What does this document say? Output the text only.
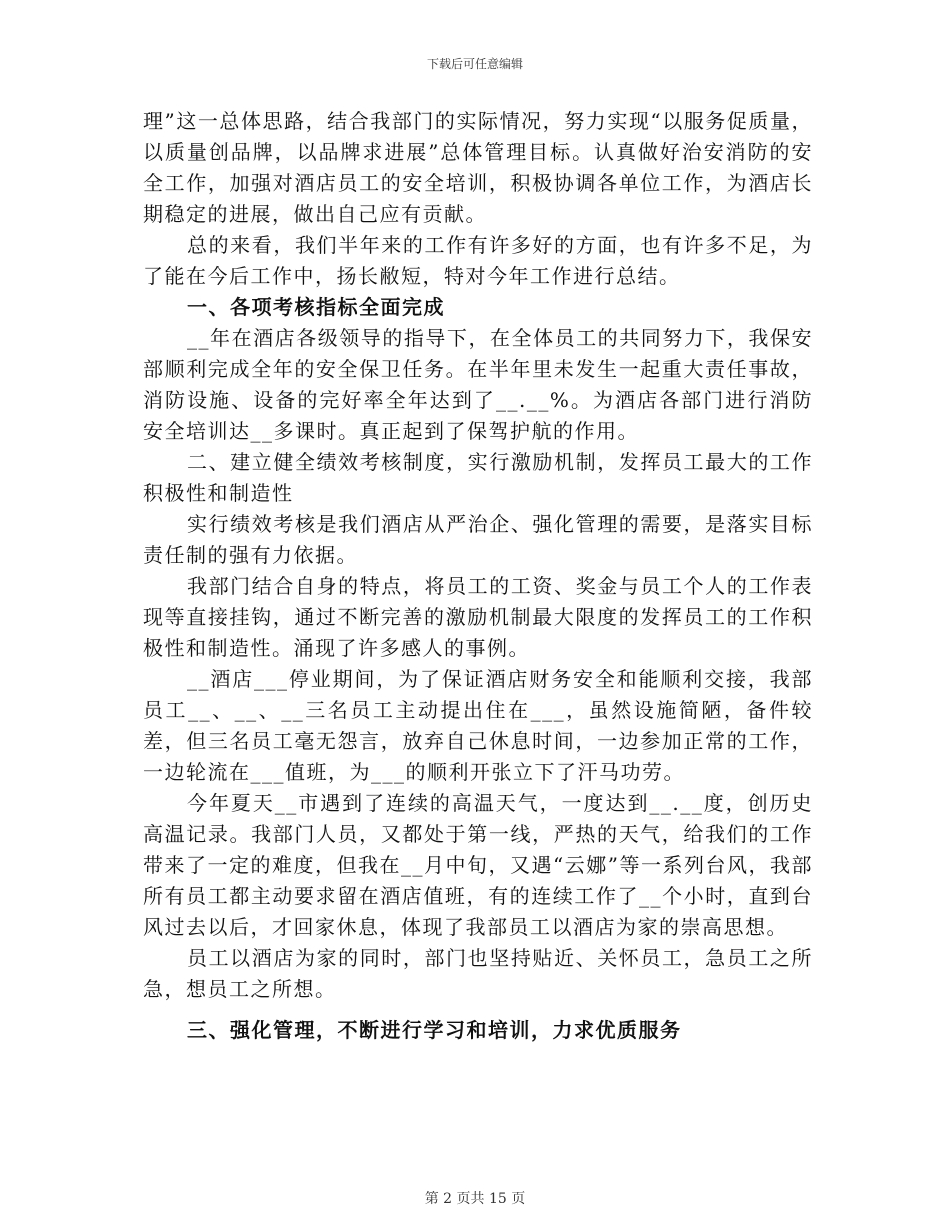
下载后可任意编辑

理”这一总体思路，结合我部门的实际情况，努力实现“以服务促质量，以质量创品牌，以品牌求进展”总体管理目标。认真做好治安消防的安全工作，加强对酒店员工的安全培训，积极协调各单位工作，为酒店长期稳定的进展，做出自己应有贡献。

总的来看，我们半年来的工作有许多好的方面，也有许多不足，为了能在今后工作中，扬长敝短，特对今年工作进行总结。

一、各项考核指标全面完成

__年在酒店各级领导的指导下，在全体员工的共同努力下，我保安部顺利完成全年的安全保卫任务。在半年里未发生一起重大责任事故，消防设施、设备的完好率全年达到了__.__%。为酒店各部门进行消防安全培训达__多课时。真正起到了保驾护航的作用。

二、建立健全绩效考核制度，实行激励机制，发挥员工最大的工作积极性和制造性

实行绩效考核是我们酒店从严治企、强化管理的需要，是落实目标责任制的强有力依据。

我部门结合自身的特点，将员工的工资、奖金与员工个人的工作表现等直接挂钩，通过不断完善的激励机制最大限度的发挥员工的工作积极性和制造性。涌现了许多感人的事例。

__酒店___停业期间，为了保证酒店财务安全和能顺利交接，我部员工__、__、__三名员工主动提出住在___，虽然设施简陋，备件较差，但三名员工毫无怨言，放弃自己休息时间，一边参加正常的工作，一边轮流在___值班，为___的顺利开张立下了汗马功劳。

今年夏天__市遇到了连续的高温天气，一度达到__.__度，创历史高温记录。我部门人员，又都处于第一线，严热的天气，给我们的工作带来了一定的难度，但我在__月中旬，又遇“云娜”等一系列台风，我部所有员工都主动要求留在酒店值班，有的连续工作了__个小时，直到台风过去以后，才回家休息，体现了我部员工以酒店为家的崇高思想。

员工以酒店为家的同时，部门也坚持贴近、关怀员工，急员工之所急，想员工之所想。

三、强化管理，不断进行学习和培训，力求优质服务

第 2 页共 15 页
